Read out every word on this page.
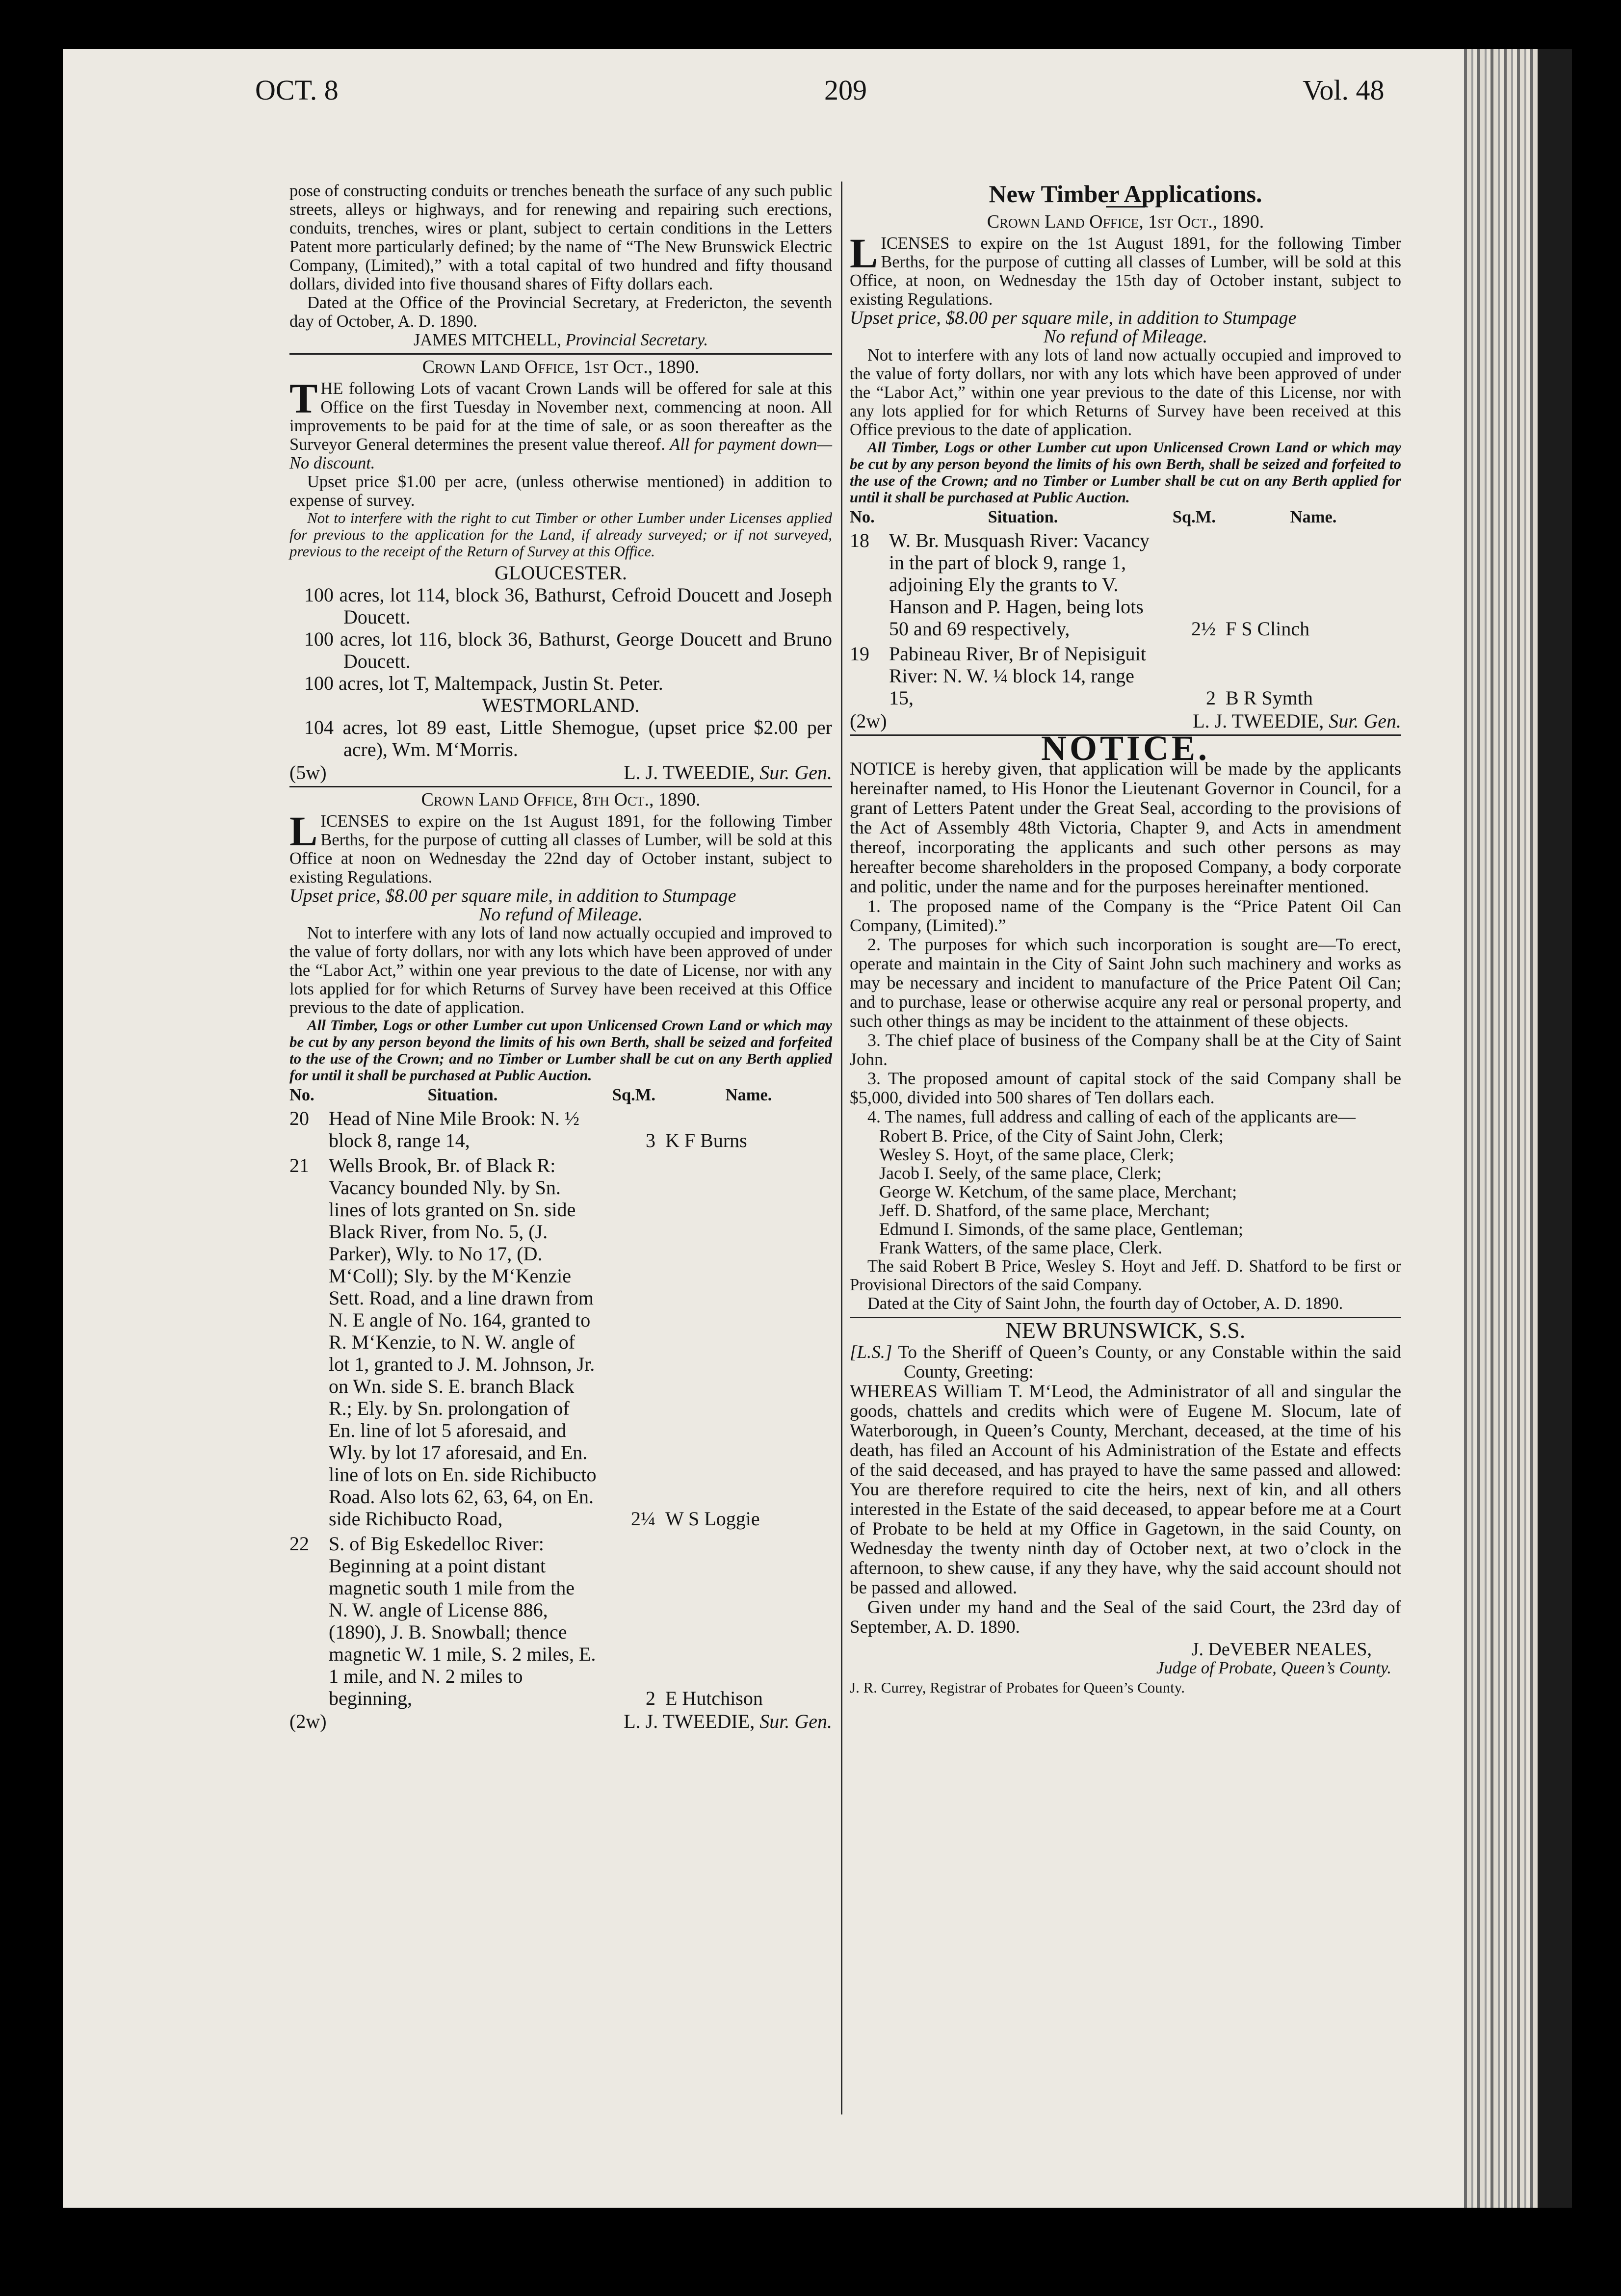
OCT. 8	209	Vol. 48

pose of constructing conduits or trenches beneath the surface of any such public streets, alleys or highways, and for renewing and repairing such erections, conduits, trenches, wires or plant, subject to certain conditions in the Letters Patent more particularly defined; by the name of “The New Brunswick Electric Company, (Limited),” with a total capital of two hundred and fifty thousand dollars, divided into five thousand shares of Fifty dollars each.

Dated at the Office of the Provincial Secretary, at Fredericton, the seventh day of October, A. D. 1890.

JAMES MITCHELL, Provincial Secretary.

Crown Land Office, 1st Oct., 1890.

THE following Lots of vacant Crown Lands will be offered for sale at this Office on the first Tuesday in November next, commencing at noon. All improvements to be paid for at the time of sale, or as soon thereafter as the Surveyor General determines the present value thereof. All for payment down—No discount.

Upset price $1.00 per acre, (unless otherwise mentioned) in addition to expense of survey.

Not to interfere with the right to cut Timber or other Lumber under Licenses applied for previous to the application for the Land, if already surveyed; or if not surveyed, previous to the receipt of the Return of Survey at this Office.

GLOUCESTER.

100 acres, lot 114, block 36, Bathurst, Cefroid Doucett and Joseph Doucett.

100 acres, lot 116, block 36, Bathurst, George Doucett and Bruno Doucett.

100 acres, lot T, Maltempack, Justin St. Peter.

WESTMORLAND.

104 acres, lot 89 east, Little Shemogue, (upset price $2.00 per acre), Wm. M‘Morris.

(5w)	L. J. TWEEDIE, Sur. Gen.

Crown Land Office, 8th Oct., 1890.

LICENSES to expire on the 1st August 1891, for the following Timber Berths, for the purpose of cutting all classes of Lumber, will be sold at this Office at noon on Wednesday the 22nd day of October instant, subject to existing Regulations.

Upset price, $8.00 per square mile, in addition to Stumpage

No refund of Mileage.

Not to interfere with any lots of land now actually occupied and improved to the value of forty dollars, nor with any lots which have been approved of under the “Labor Act,” within one year previous to the date of License, nor with any lots applied for for which Returns of Survey have been received at this Office previous to the date of application.

All Timber, Logs or other Lumber cut upon Unlicensed Crown Land or which may be cut by any person beyond the limits of his own Berth, shall be seized and forfeited to the use of the Crown; and no Timber or Lumber shall be cut on any Berth applied for until it shall be purchased at Public Auction.

No.	Situation.	Sq.M.	Name.
20	Head of Nine Mile Brook: N. ½ block 8, range 14,	3 K F Burns
21	Wells Brook, Br. of Black R: Vacancy bounded Nly. by Sn. lines of lots granted on Sn. side Black River, from No. 5, (J. Parker), Wly. to No 17, (D. M‘Coll); Sly. by the M‘Kenzie Sett. Road, and a line drawn from N. E angle of No. 164, granted to R. M‘Kenzie, to N. W. angle of lot 1, granted to J. M. Johnson, Jr. on Wn. side S. E. branch Black R.; Ely. by Sn. prolongation of En. line of lot 5 aforesaid, and Wly. by lot 17 aforesaid, and En. line of lots on En. side Richibucto Road. Also lots 62, 63, 64, on En. side Richibucto Road,	2¼ W S Loggie
22	S. of Big Eskedelloc River: Beginning at a point distant magnetic south 1 mile from the N. W. angle of License 886, (1890), J. B. Snowball; thence magnetic W. 1 mile, S. 2 miles, E. 1 mile, and N. 2 miles to beginning,	2 E Hutchison
(2w)	L. J. TWEEDIE, Sur. Gen.

New Timber Applications.

Crown Land Office, 1st Oct., 1890.

LICENSES to expire on the 1st August 1891, for the following Timber Berths, for the purpose of cutting all classes of Lumber, will be sold at this Office, at noon, on Wednesday the 15th day of October instant, subject to existing Regulations.

Upset price, $8.00 per square mile, in addition to Stumpage

No refund of Mileage.

Not to interfere with any lots of land now actually occupied and improved to the value of forty dollars, nor with any lots which have been approved of under the “Labor Act,” within one year previous to the date of this License, nor with any lots applied for for which Returns of Survey have been received at this Office previous to the date of application.

All Timber, Logs or other Lumber cut upon Unlicensed Crown Land or which may be cut by any person beyond the limits of his own Berth, shall be seized and forfeited to the use of the Crown; and no Timber or Lumber shall be cut on any Berth applied for until it shall be purchased at Public Auction.

No.	Situation.	Sq.M.	Name.
18	W. Br. Musquash River: Vacancy in the part of block 9, range 1, adjoining Ely the grants to V. Hanson and P. Hagen, being lots 50 and 69 respectively,	2½ F S Clinch
19	Pabineau River, Br of Nepisiguit River: N. W. ¼ block 14, range 15,	2 B R Symth
(2w)	L. J. TWEEDIE, Sur. Gen.

NOTICE.

NOTICE is hereby given, that application will be made by the applicants hereinafter named, to His Honor the Lieutenant Governor in Council, for a grant of Letters Patent under the Great Seal, according to the provisions of the Act of Assembly 48th Victoria, Chapter 9, and Acts in amendment thereof, incorporating the applicants and such other persons as may hereafter become shareholders in the proposed Company, a body corporate and politic, under the name and for the purposes hereinafter mentioned.

1. The proposed name of the Company is the “Price Patent Oil Can Company, (Limited).”

2. The purposes for which such incorporation is sought are—To erect, operate and maintain in the City of Saint John such machinery and works as may be necessary and incident to manufacture of the Price Patent Oil Can; and to purchase, lease or otherwise acquire any real or personal property, and such other things as may be incident to the attainment of these objects.

3. The chief place of business of the Company shall be at the City of Saint John.

3. The proposed amount of capital stock of the said Company shall be $5,000, divided into 500 shares of Ten dollars each.

4. The names, full address and calling of each of the applicants are—

Robert B. Price, of the City of Saint John, Clerk;

Wesley S. Hoyt, of the same place, Clerk;

Jacob I. Seely, of the same place, Clerk;

George W. Ketchum, of the same place, Merchant;

Jeff. D. Shatford, of the same place, Merchant;

Edmund I. Simonds, of the same place, Gentleman;

Frank Watters, of the same place, Clerk.

The said Robert B Price, Wesley S. Hoyt and Jeff. D. Shatford to be first or Provisional Directors of the said Company.

Dated at the City of Saint John, the fourth day of October, A. D. 1890.

NEW BRUNSWICK, S.S.

[L.S.] To the Sheriff of Queen’s County, or any Constable within the said County, Greeting:

WHEREAS William T. M‘Leod, the Administrator of all and singular the goods, chattels and credits which were of Eugene M. Slocum, late of Waterborough, in Queen’s County, Merchant, deceased, at the time of his death, has filed an Account of his Administration of the Estate and effects of the said deceased, and has prayed to have the same passed and allowed: You are therefore required to cite the heirs, next of kin, and all others interested in the Estate of the said deceased, to appear before me at a Court of Probate to be held at my Office in Gagetown, in the said County, on Wednesday the twenty ninth day of October next, at two o’clock in the afternoon, to shew cause, if any they have, why the said account should not be passed and allowed.

Given under my hand and the Seal of the said Court, the 23rd day of September, A. D. 1890.

J. DeVEBER NEALES,

Judge of Probate, Queen’s County.

J. R. Currey, Registrar of Probates for Queen’s County.
